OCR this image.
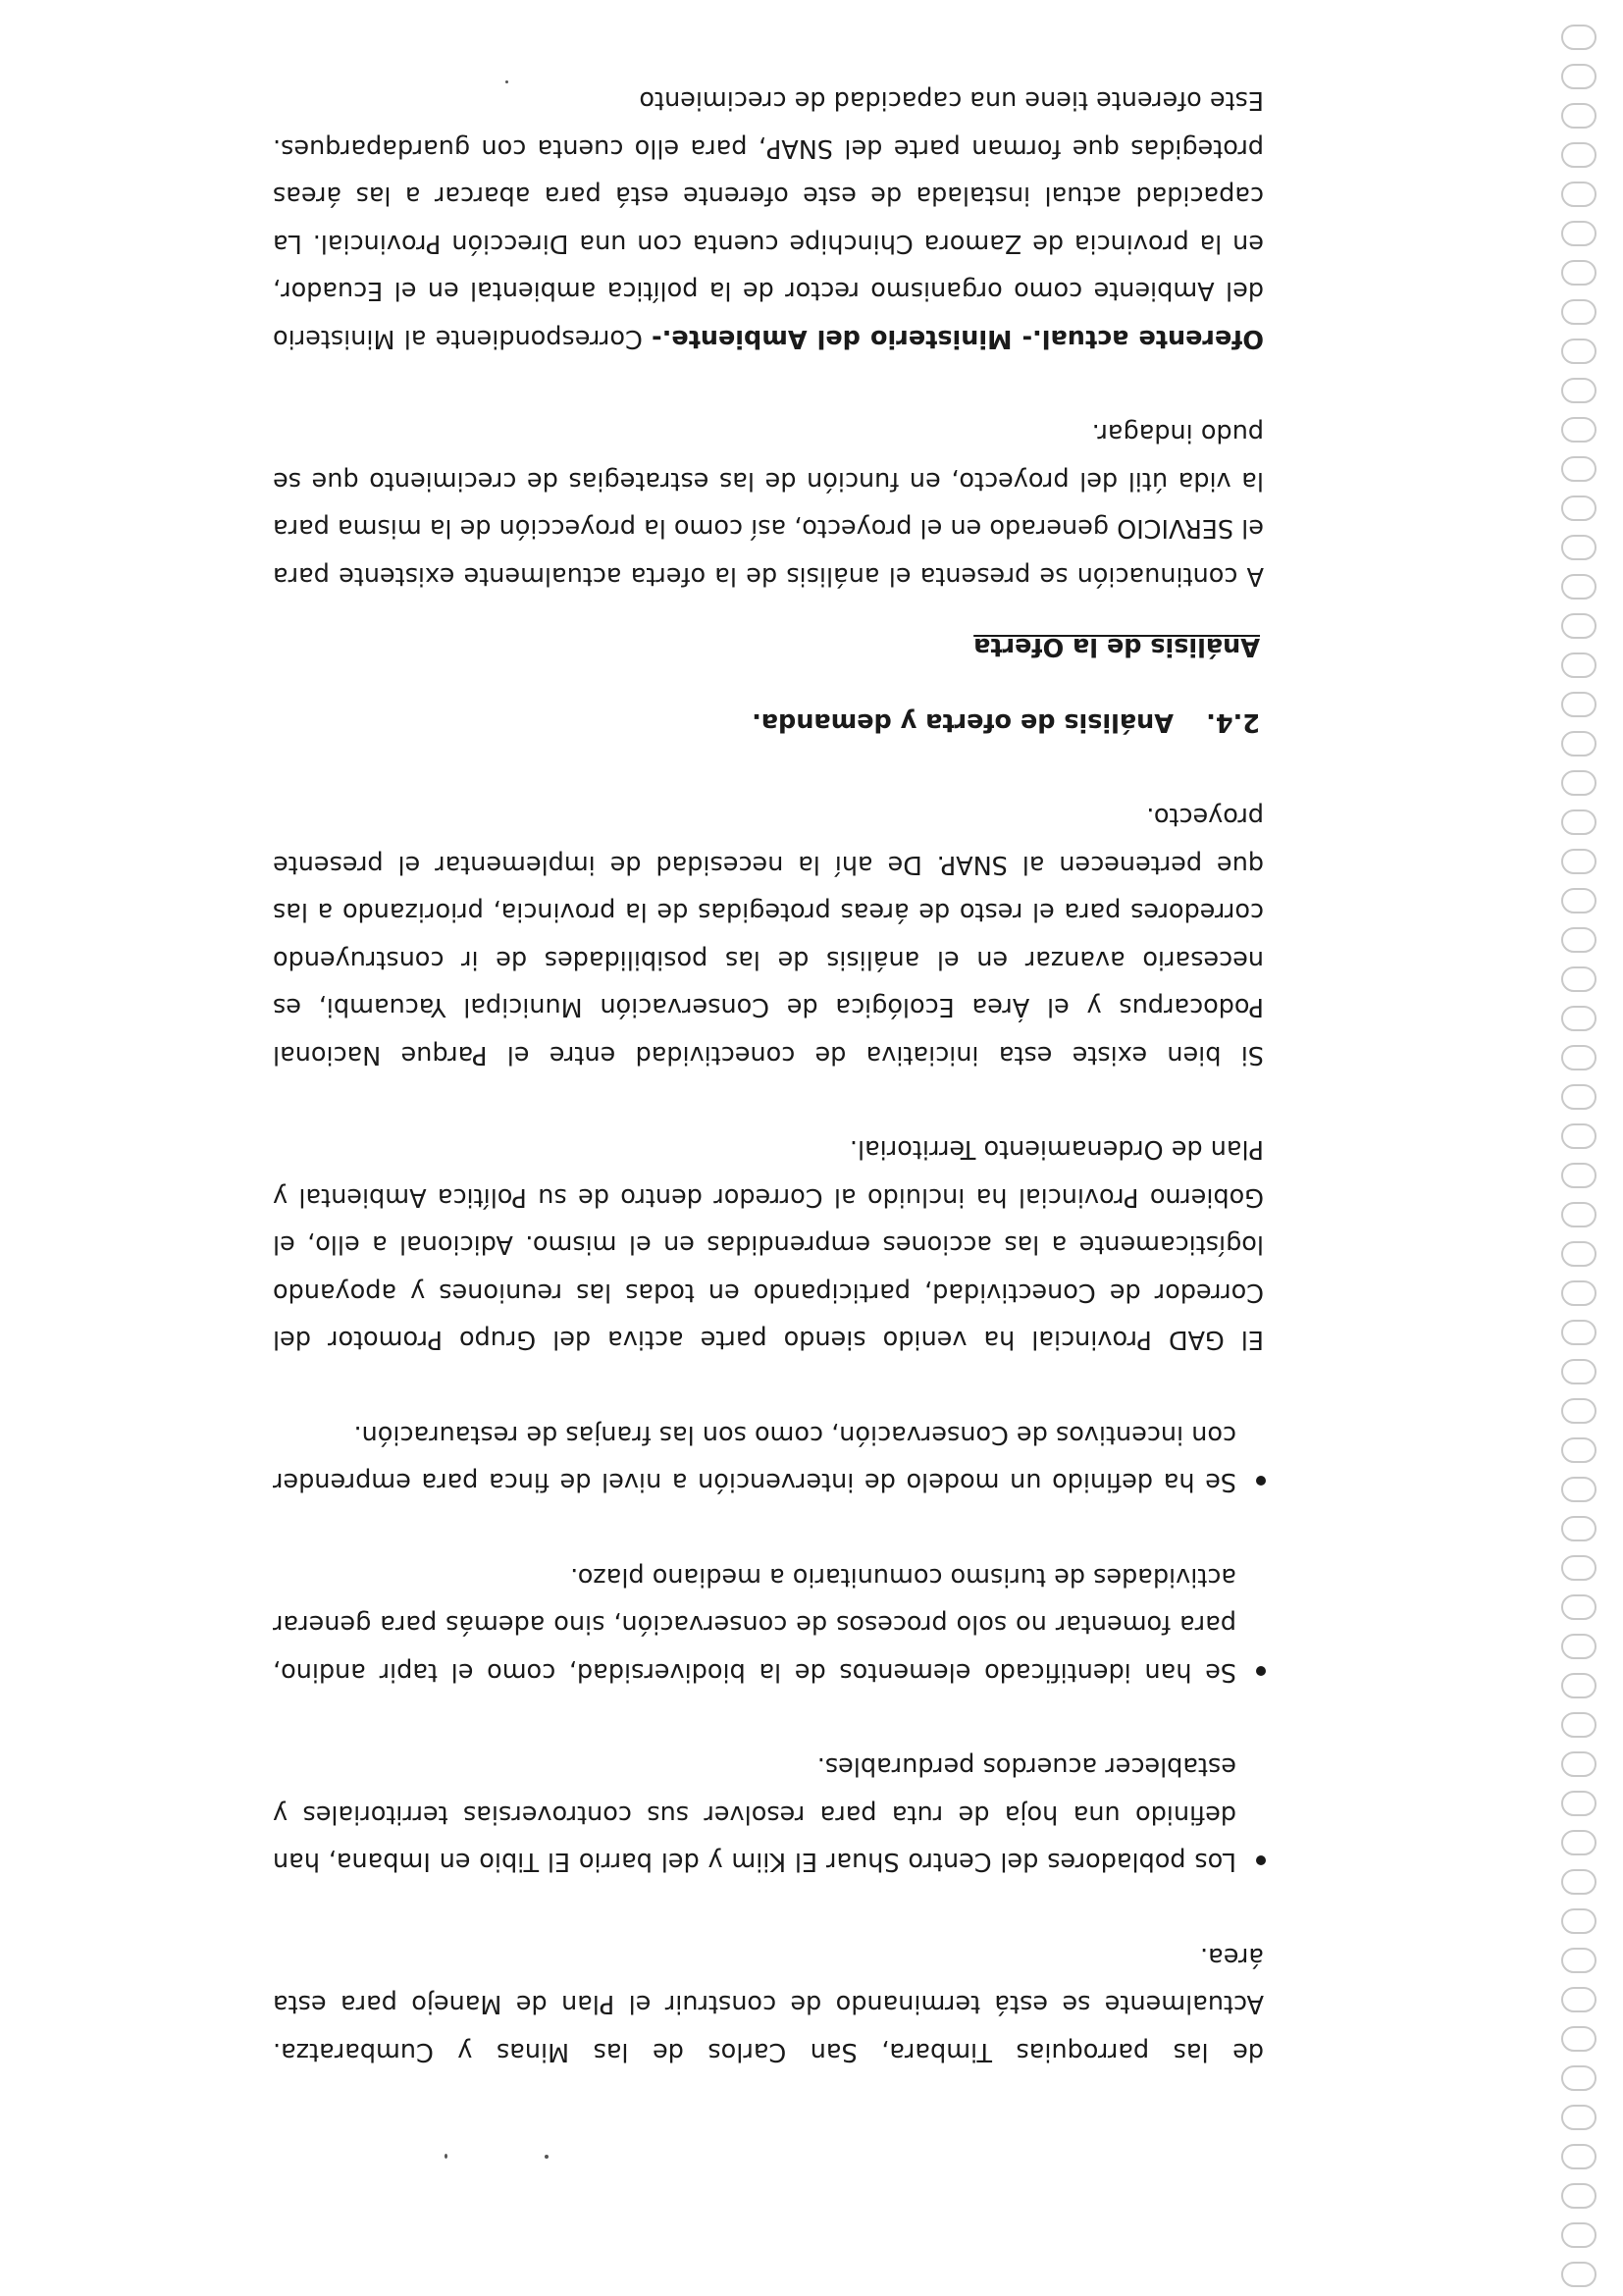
de las parroquias Timbara, San Carlos de las Minas y Cumbaratza. Actualmente se está terminando de construir el Plan de Manejo para esta área.

Los pobladores del Centro Shuar El Kiim y del barrio El Tibio en Imbana, han definido una hoja de ruta para resolver sus controversias territoriales y establecer acuerdos perdurables.
Se han identificado elementos de la biodiversidad, como el tapir andino, para fomentar no solo procesos de conservación, sino además para generar actividades de turismo comunitario a mediano plazo.
Se ha definido un modelo de intervención a nivel de finca para emprender con incentivos de Conservación, como son las franjas de restauración.

El GAD Provincial ha venido siendo parte activa del Grupo Promotor del Corredor de Conectividad, participando en todas las reuniones y apoyando logísticamente a las acciones emprendidas en el mismo. Adicional a ello, el Gobierno Provincial ha incluido al Corredor dentro de su Política Ambiental y Plan de Ordenamiento Territorial.

Si bien existe esta iniciativa de conectividad entre el Parque Nacional Podocarpus y el Área Ecológica de Conservación Municipal Yacuambi, es necesario avanzar en el análisis de las posibilidades de ir construyendo corredores para el resto de áreas protegidas de la provincia, priorizando a las que pertenecen al SNAP. De ahí la necesidad de implementar el presente proyecto.

2.4.Análisis de oferta y demanda.
Análisis de la Oferta

A continuación se presenta el análisis de la oferta actualmente existente para el SERVICIO generado en el proyecto, así como la proyección de la misma para la vida útil del proyecto, en función de las estrategias de crecimiento que se pudo indagar.

Oferente actual.- Ministerio del Ambiente.- Correspondiente al Ministerio del Ambiente como organismo rector de la política ambiental en el Ecuador, en la provincia de Zamora Chinchipe cuenta con una Dirección Provincial. La capacidad actual instalada de este oferente está para abarcar a las áreas protegidas que forman parte del SNAP, para ello cuenta con guardaparques. Este oferente tiene una capacidad de crecimiento
